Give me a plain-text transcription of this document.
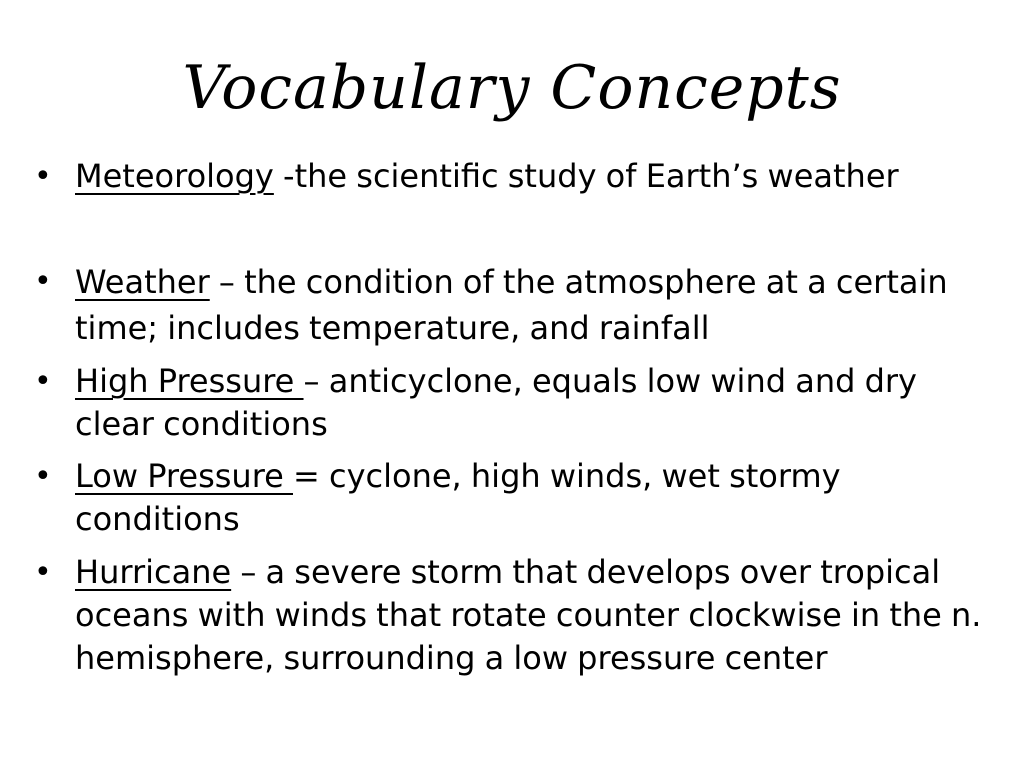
Vocabulary Concepts
• Meteorology -the scientific study of Earth’s weather
• Weather – the condition of the atmosphere at a certain time; includes temperature, and rainfall
• High Pressure – anticyclone, equals low wind and dry clear conditions
• Low Pressure = cyclone, high winds, wet stormy conditions
• Hurricane – a severe storm that develops over tropical oceans with winds that rotate counter clockwise in the n. hemisphere, surrounding a low pressure center
